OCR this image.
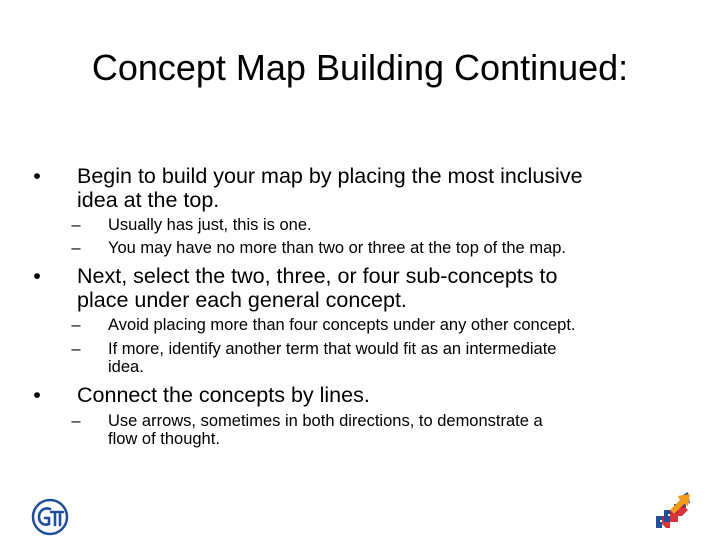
Concept Map Building Continued:
• Begin to build your map by placing the most inclusive
idea at the top.
–	Usually has just, this is one.
–	You may have no more than two or three at the top of the map.
• Next, select the two, three, or four sub-concepts to
place under each general concept.
–	Avoid placing more than four concepts under any other concept.
–	If more, identify another term that would fit as an intermediate
idea.
• Connect the concepts by lines.
–	Use arrows, sometimes in both directions, to demonstrate a
flow of thought.
